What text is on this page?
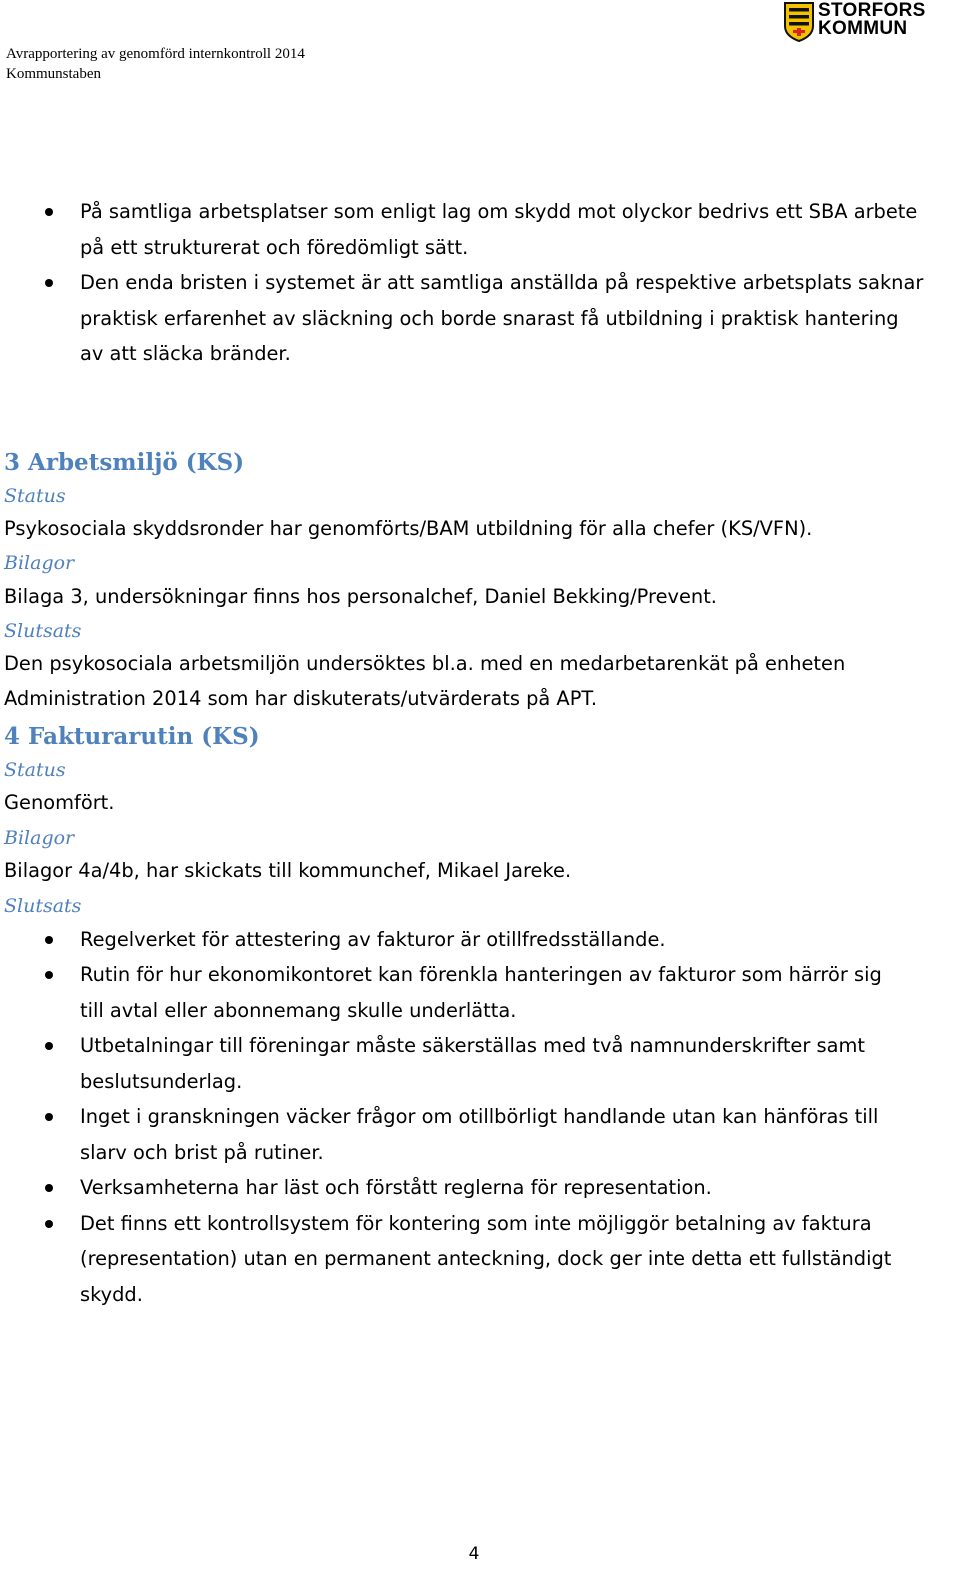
Avrapportering av genomförd internkontroll 2014
Kommunstaben
STORFORS
KOMMUN
På samtliga arbetsplatser som enligt lag om skydd mot olyckor bedrivs ett SBA arbete
på ett strukturerat och föredömligt sätt.
Den enda bristen i systemet är att samtliga anställda på respektive arbetsplats saknar
praktisk erfarenhet av släckning och borde snarast få utbildning i praktisk hantering
av att släcka bränder.
3 Arbetsmiljö (KS)
Status
Psykosociala skyddsronder har genomförts/BAM utbildning för alla chefer (KS/VFN).
Bilagor
Bilaga 3, undersökningar finns hos personalchef, Daniel Bekking/Prevent.
Slutsats
Den psykosociala arbetsmiljön undersöktes bl.a. med en medarbetarenkät på enheten
Administration 2014 som har diskuterats/utvärderats på APT.
4 Fakturarutin (KS)
Status
Genomfört.
Bilagor
Bilagor 4a/4b, har skickats till kommunchef, Mikael Jareke.
Slutsats
Regelverket för attestering av fakturor är otillfredsställande.
Rutin för hur ekonomikontoret kan förenkla hanteringen av fakturor som härrör sig
till avtal eller abonnemang skulle underlätta.
Utbetalningar till föreningar måste säkerställas med två namnunderskrifter samt
beslutsunderlag.
Inget i granskningen väcker frågor om otillbörligt handlande utan kan hänföras till
slarv och brist på rutiner.
Verksamheterna har läst och förstått reglerna för representation.
Det finns ett kontrollsystem för kontering som inte möjliggör betalning av faktura
(representation) utan en permanent anteckning, dock ger inte detta ett fullständigt
skydd.
4
